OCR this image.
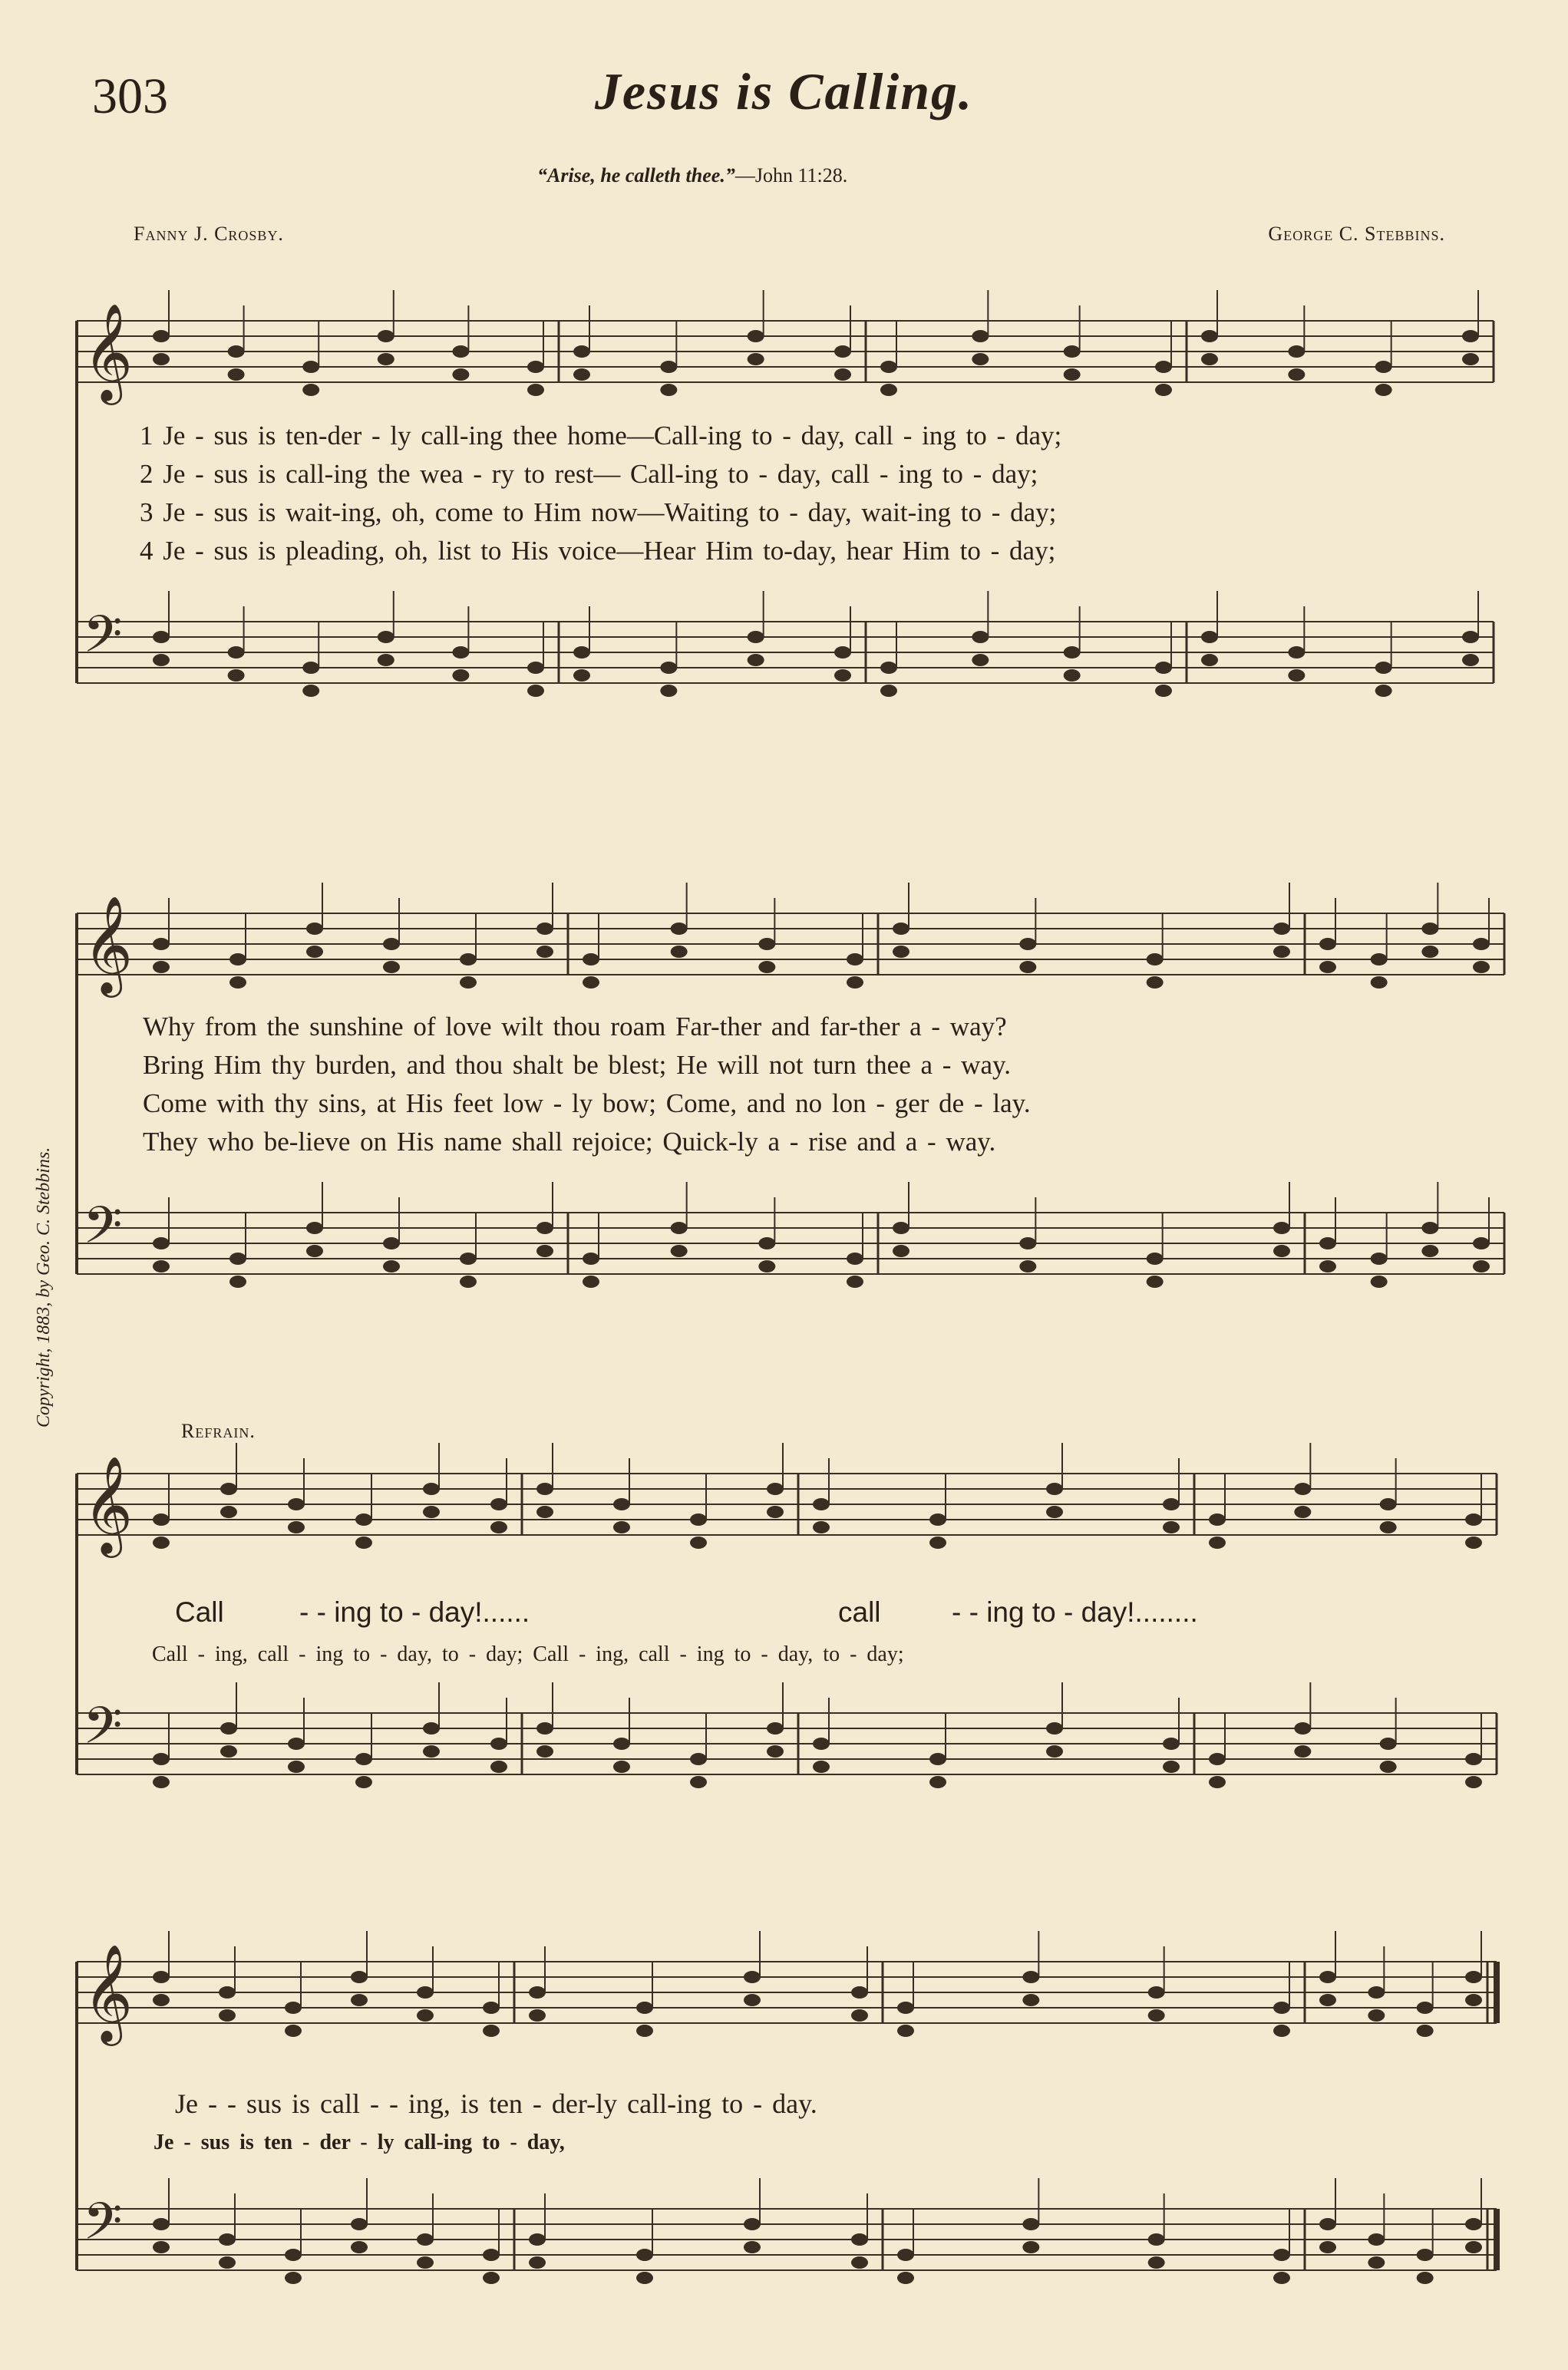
303	Jesus is Calling.
“Arise, he calleth thee.”—John 11:28.
Fanny J. Crosby.	George C. Stebbins.
Copyright, 1883, by Geo. C. Stebbins.
𝄞
𝄢
𝄞
𝄢
𝄞
𝄢
𝄞
𝄢
1 Je - sus is ten-der - ly call-ing thee home—Call-ing to - day, call - ing to - day;
2 Je - sus is call-ing the wea - ry to rest— Call-ing to - day, call - ing to - day;
3 Je - sus is wait-ing, oh, come to Him now—Waiting to - day, wait-ing to - day;
4 Je - sus is pleading, oh, list to His voice—Hear Him to-day, hear Him to - day;
Why from the sunshine of love wilt thou roam Far-ther and far-ther a - way?
Bring Him thy burden, and thou shalt be blest; He will not turn thee a - way.
Come with thy sins, at His feet low - ly bow; Come, and no lon - ger de - lay.
They who be-lieve on His name shall rejoice; Quick-ly a - rise and a - way.
Refrain.
Call	- - ing to - day!......	call - - ing to - day!........
Call - ing, call - ing to - day, to - day; Call - ing, call - ing to - day, to - day;
Je - - sus is call - - ing, is ten - der-ly call-ing to - day.
Je - sus is ten - der - ly call-ing to - day,
